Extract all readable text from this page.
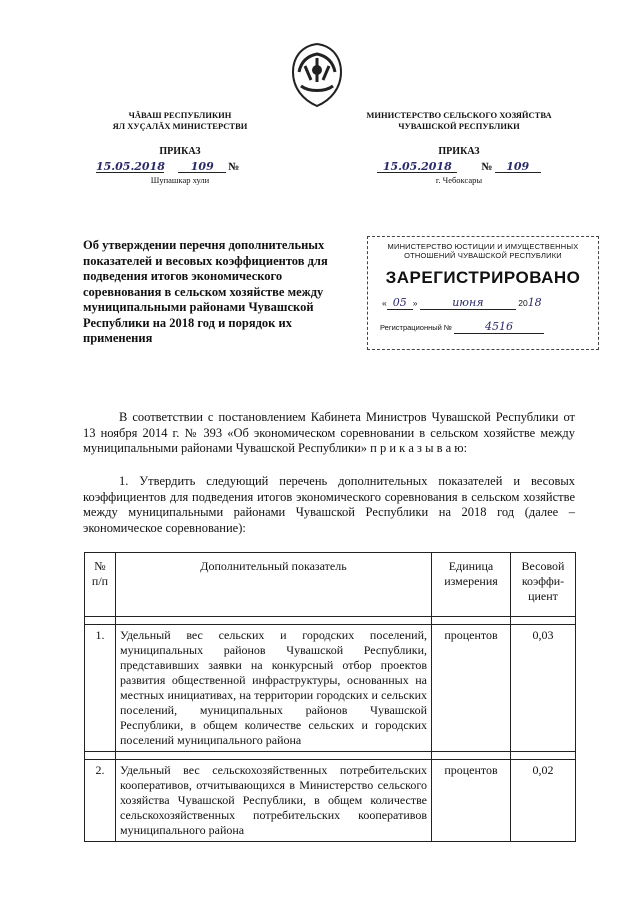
ЧĂВАШ РЕСПУБЛИКИН
ЯЛ ХУÇАЛĂХ МИНИСТЕРСТВИ
ПРИКАЗ
15.05.2018 109 №
Шупашкар хули
МИНИСТЕРСТВО СЕЛЬСКОГО ХОЗЯЙСТВА
ЧУВАШСКОЙ РЕСПУБЛИКИ
ПРИКАЗ
15.05.2018	№ 109
г. Чебоксары
Об утверждении перечня дополнительных показателей и весовых коэффициентов для подведения итогов экономического соревнования в сельском хозяйстве между муниципальными районами Чувашской Республики на 2018 год и порядок их применения
МИНИСТЕРСТВО ЮСТИЦИИ И ИМУЩЕСТВЕННЫХ
ОТНОШЕНИЙ ЧУВАШСКОЙ РЕСПУБЛИКИ
ЗАРЕГИСТРИРОВАНО
« 05 »	июня	2018
Регистрационный №	4516
В соответствии с постановлением Кабинета Министров Чувашской Республики от 13 ноября 2014 г. № 393 «Об экономическом соревновании в сельском хозяйстве между муниципальными районами Чувашской Республики» п р и к а з ы в а ю:
1. Утвердить следующий перечень дополнительных показателей и весовых коэффициентов для подведения итогов экономического соревнования в сельском хозяйстве между муниципальными районами Чувашской Республики на 2018 год (далее – экономическое соревнование):
№ п/п	Дополнительный показатель	Единица измерения	Весовой коэффи-циент

1.	Удельный вес сельских и городских поселений, муниципальных районов Чувашской Республики, представивших заявки на конкурсный отбор проектов развития общественной инфраструктуры, основанных на местных инициативах, на территории городских и сельских поселений, муниципальных районов Чувашской Республики, в общем количестве сельских и городских поселений муниципального района	процентов	0,03

2.	Удельный вес сельскохозяйственных потребительских кооперативов, отчитывающихся в Министерство сельского хозяйства Чувашской Республики, в общем количестве сельскохозяйственных потребительских кооперативов муниципального района	процентов	0,02
